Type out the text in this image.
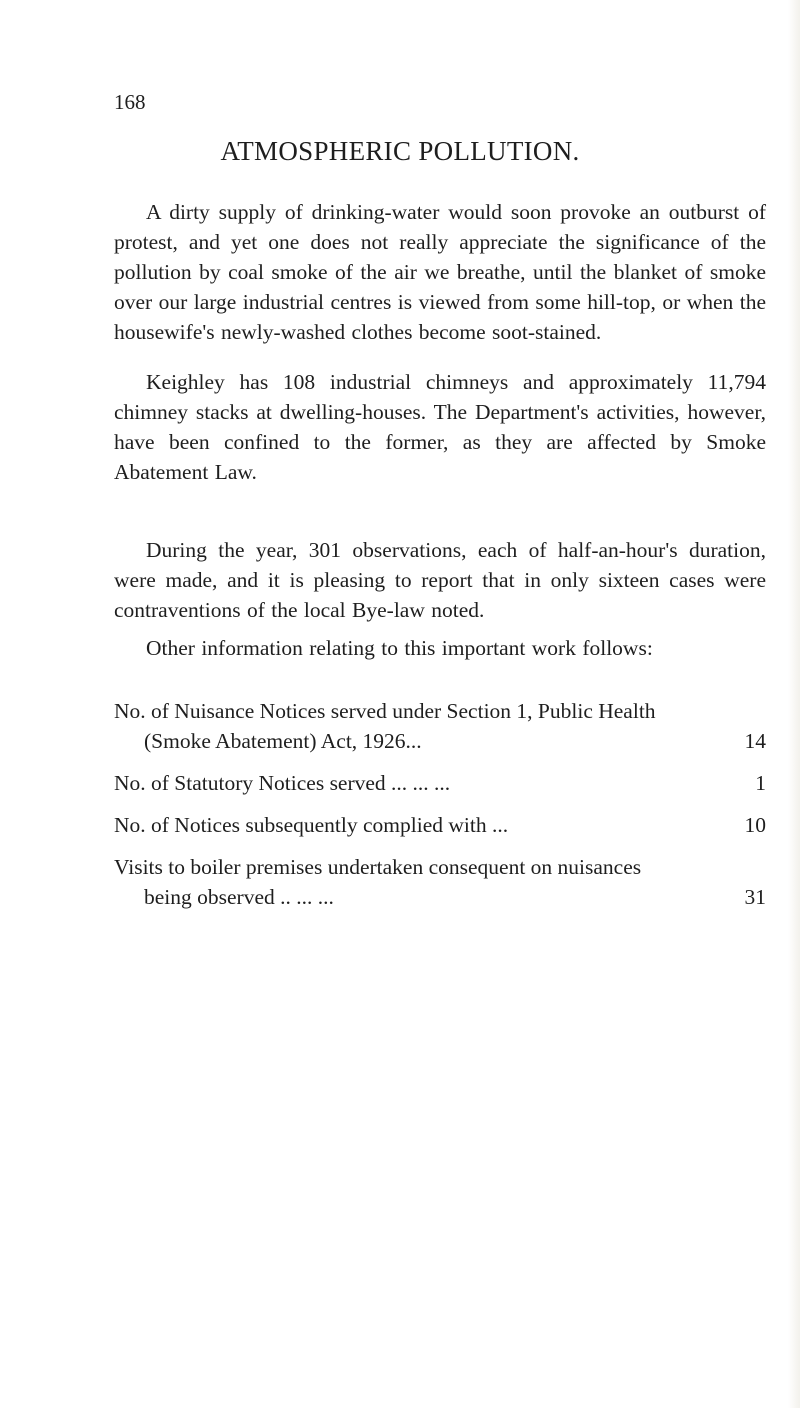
168
ATMOSPHERIC POLLUTION.

A dirty supply of drinking-water would soon provoke an outburst of protest, and yet one does not really appreciate the significance of the pollution by coal smoke of the air we breathe, until the blanket of smoke over our large industrial centres is viewed from some hill-top, or when the housewife's newly-washed clothes become soot-stained.

Keighley has 108 industrial chimneys and approximately 11,794 chimney stacks at dwelling-houses. The Department's activities, however, have been confined to the former, as they are affected by Smoke Abatement Law.

During the year, 301 observations, each of half-an-hour's duration, were made, and it is pleasing to report that in only sixteen cases were contraventions of the local Bye-law noted.

Other information relating to this important work follows:

No. of Nuisance Notices served under Section 1, Public Health (Smoke Abatement) Act, 1926...	14
No. of Statutory Notices served ... ... ...	1
No. of Notices subsequently complied with ...	10
Visits to boiler premises undertaken consequent on nuisances being observed .. ... ...	31
